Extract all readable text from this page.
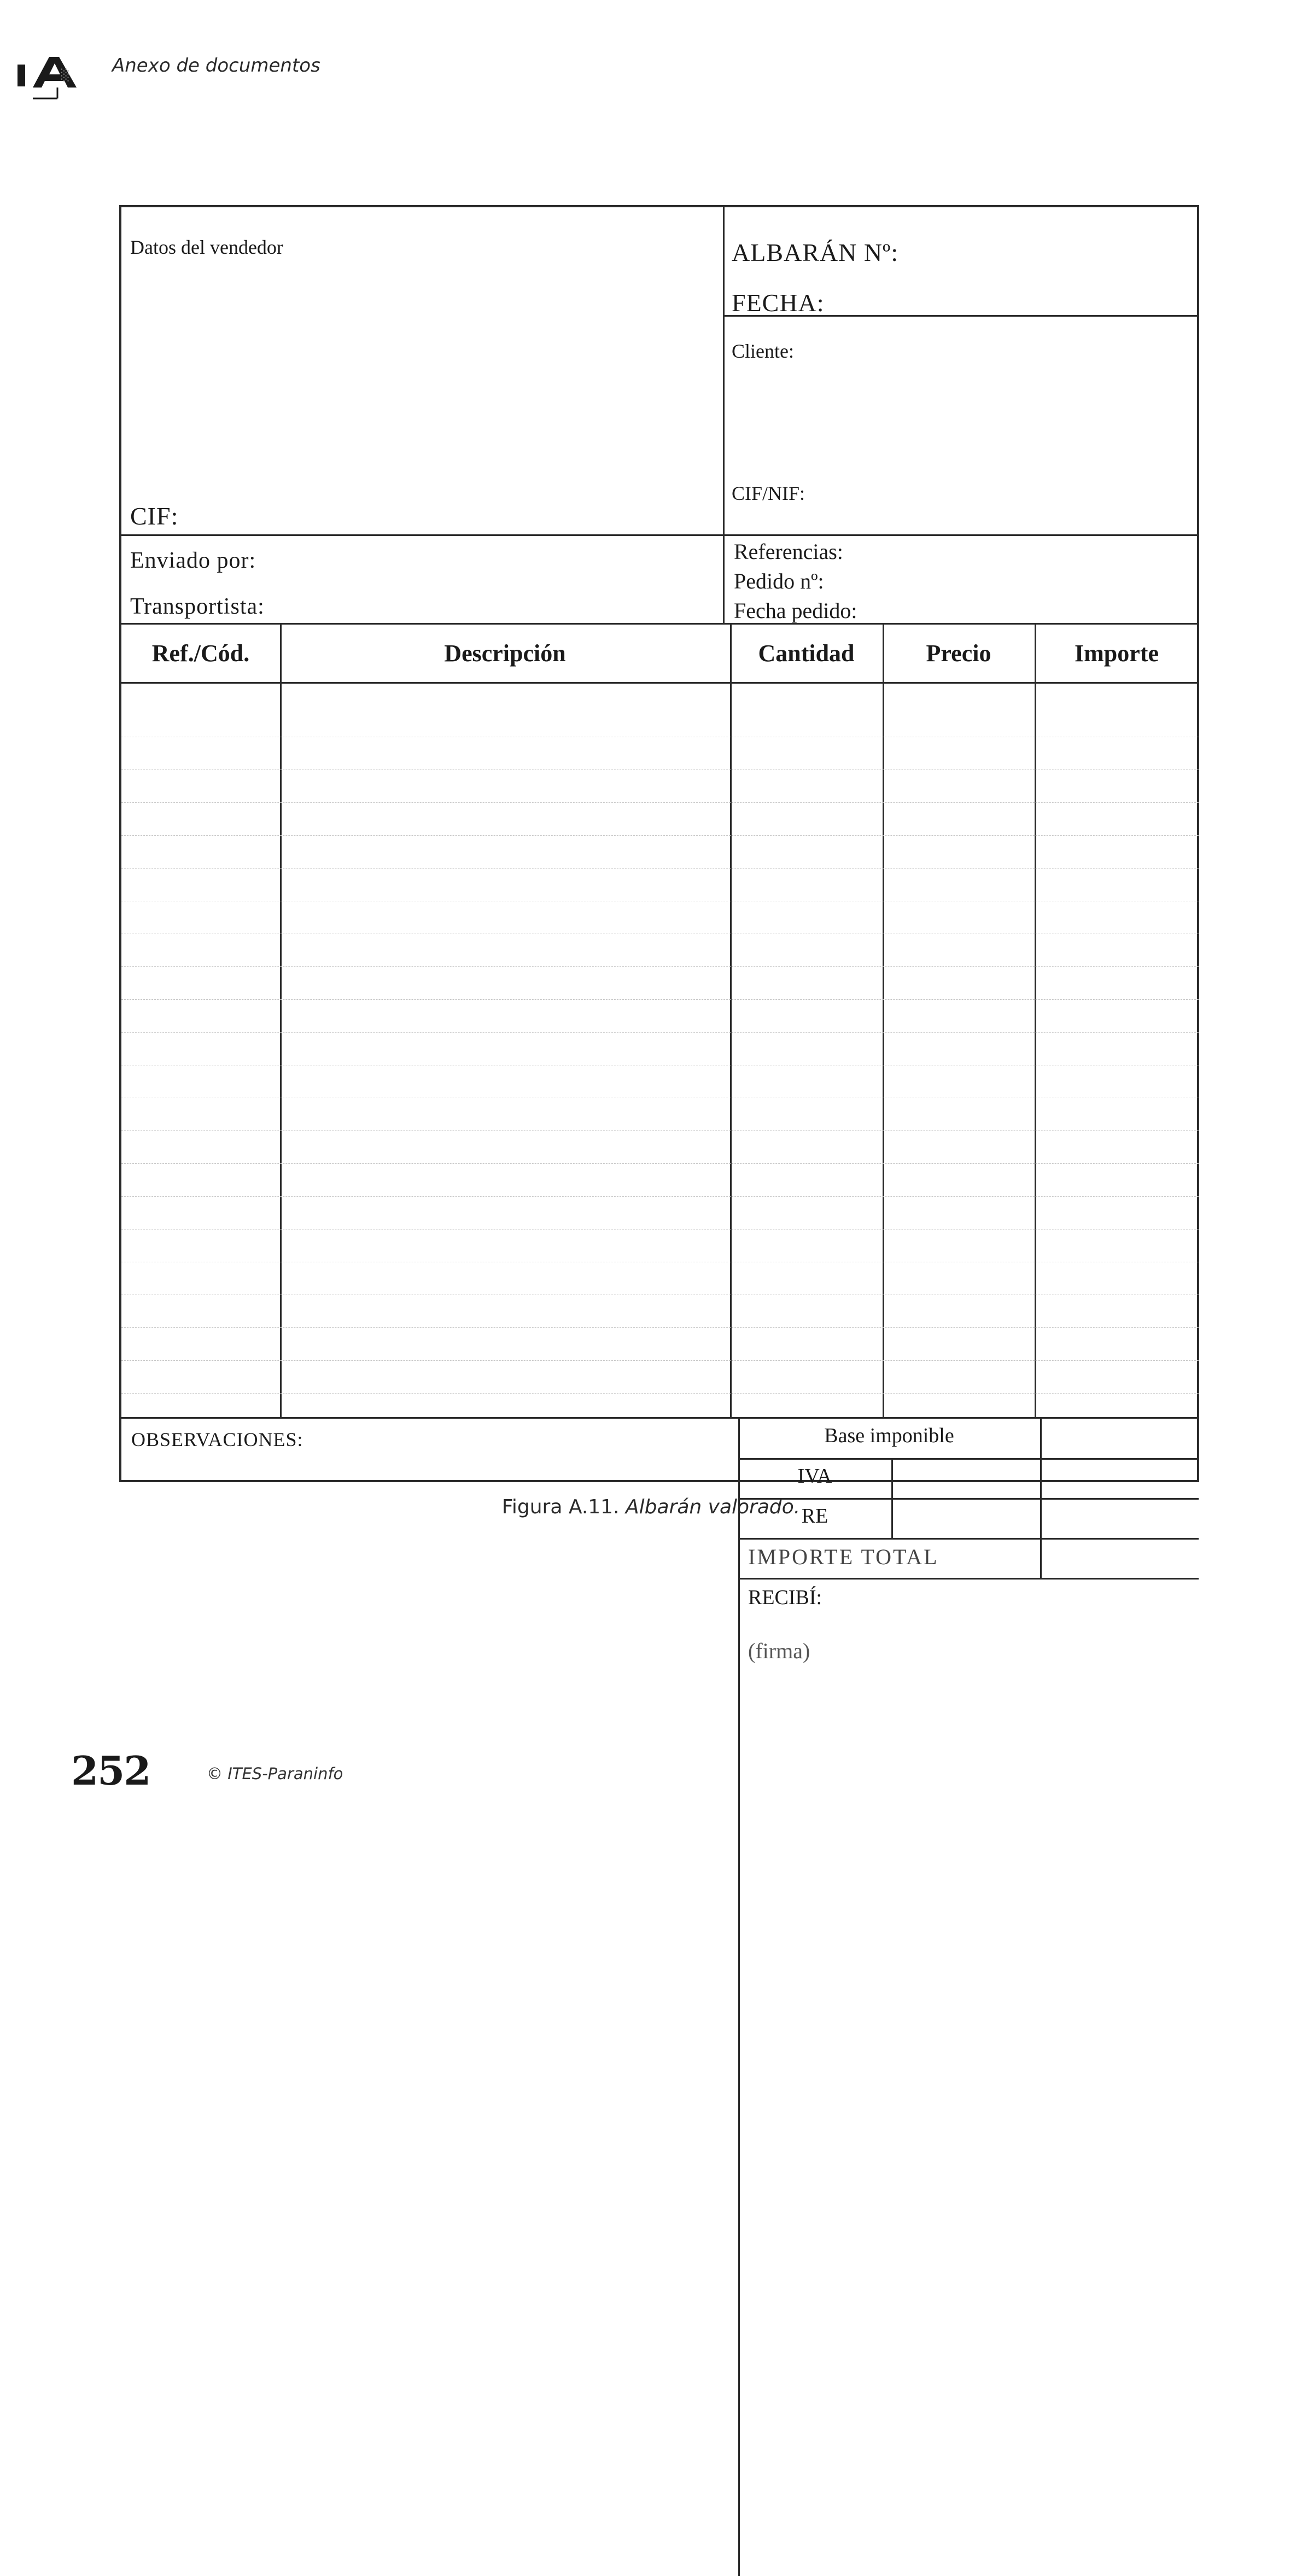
░ Anexo de documentos
Datos del vendedor
CIF:
ALBARÁN Nº:
FECHA:
Cliente:
CIF/NIF:
Enviado por:
Transportista:
Referencias:
Pedido nº:
Fecha pedido:
Ref./Cód.	Descripción	Cantidad	Precio	Importe
OBSERVACIONES:	Base imponible
IVA
RE
IMPORTE TOTAL
RECIBÍ:
(firma)
Figura A.11. Albarán valorado.
252	© ITES-Paraninfo
